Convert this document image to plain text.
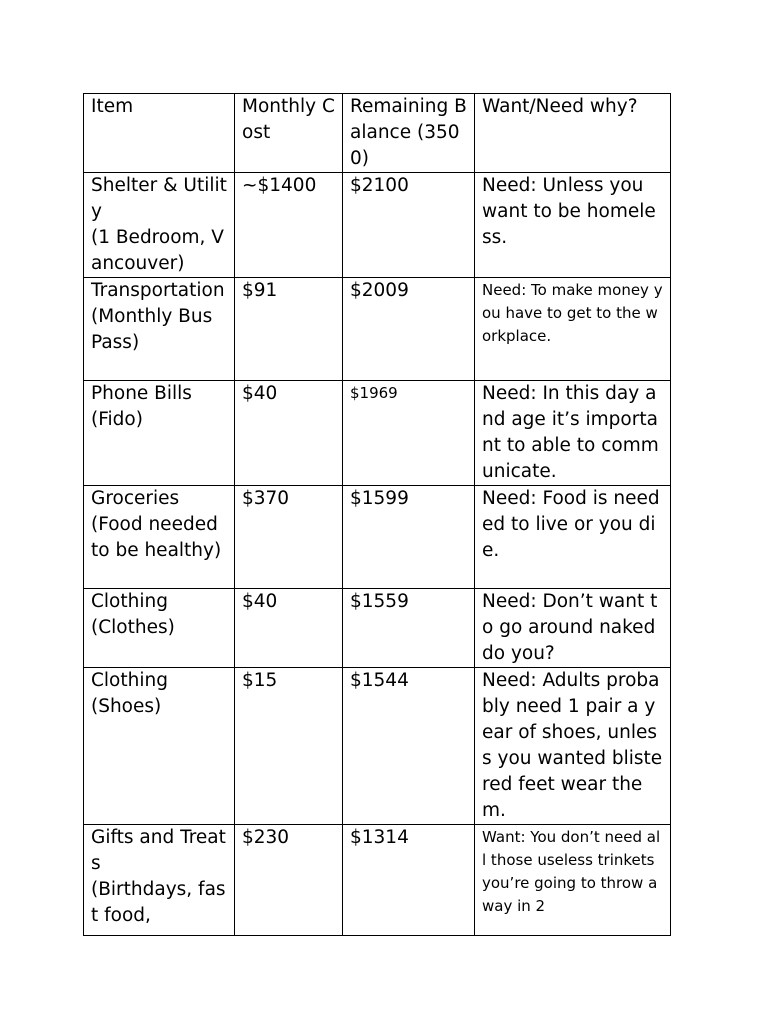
Item	Monthly Cost	Remaining Balance (3500)	Want/Need why?
Shelter & Utility
(1 Bedroom, Vancouver)	~$1400	$2100	Need: Unless you want to be homeless.
Transportation
(Monthly Bus Pass)	$91	$2009	Need: To make money you have to get to the workplace.
Phone Bills
(Fido)	$40	$1969	Need: In this day and age it’s important to able to communicate.
Groceries
(Food needed to be healthy)	$370	$1599	Need: Food is needed to live or you die.
Clothing
(Clothes)	$40	$1559	Need: Don’t want to go around naked do you?
Clothing
(Shoes)	$15	$1544	Need: Adults probably need 1 pair a year of shoes, unless you wanted blistered feet wear them.
Gifts and Treats
(Birthdays, fast food,	$230	$1314	Want: You don’t need all those useless trinkets you’re going to throw away in 2
